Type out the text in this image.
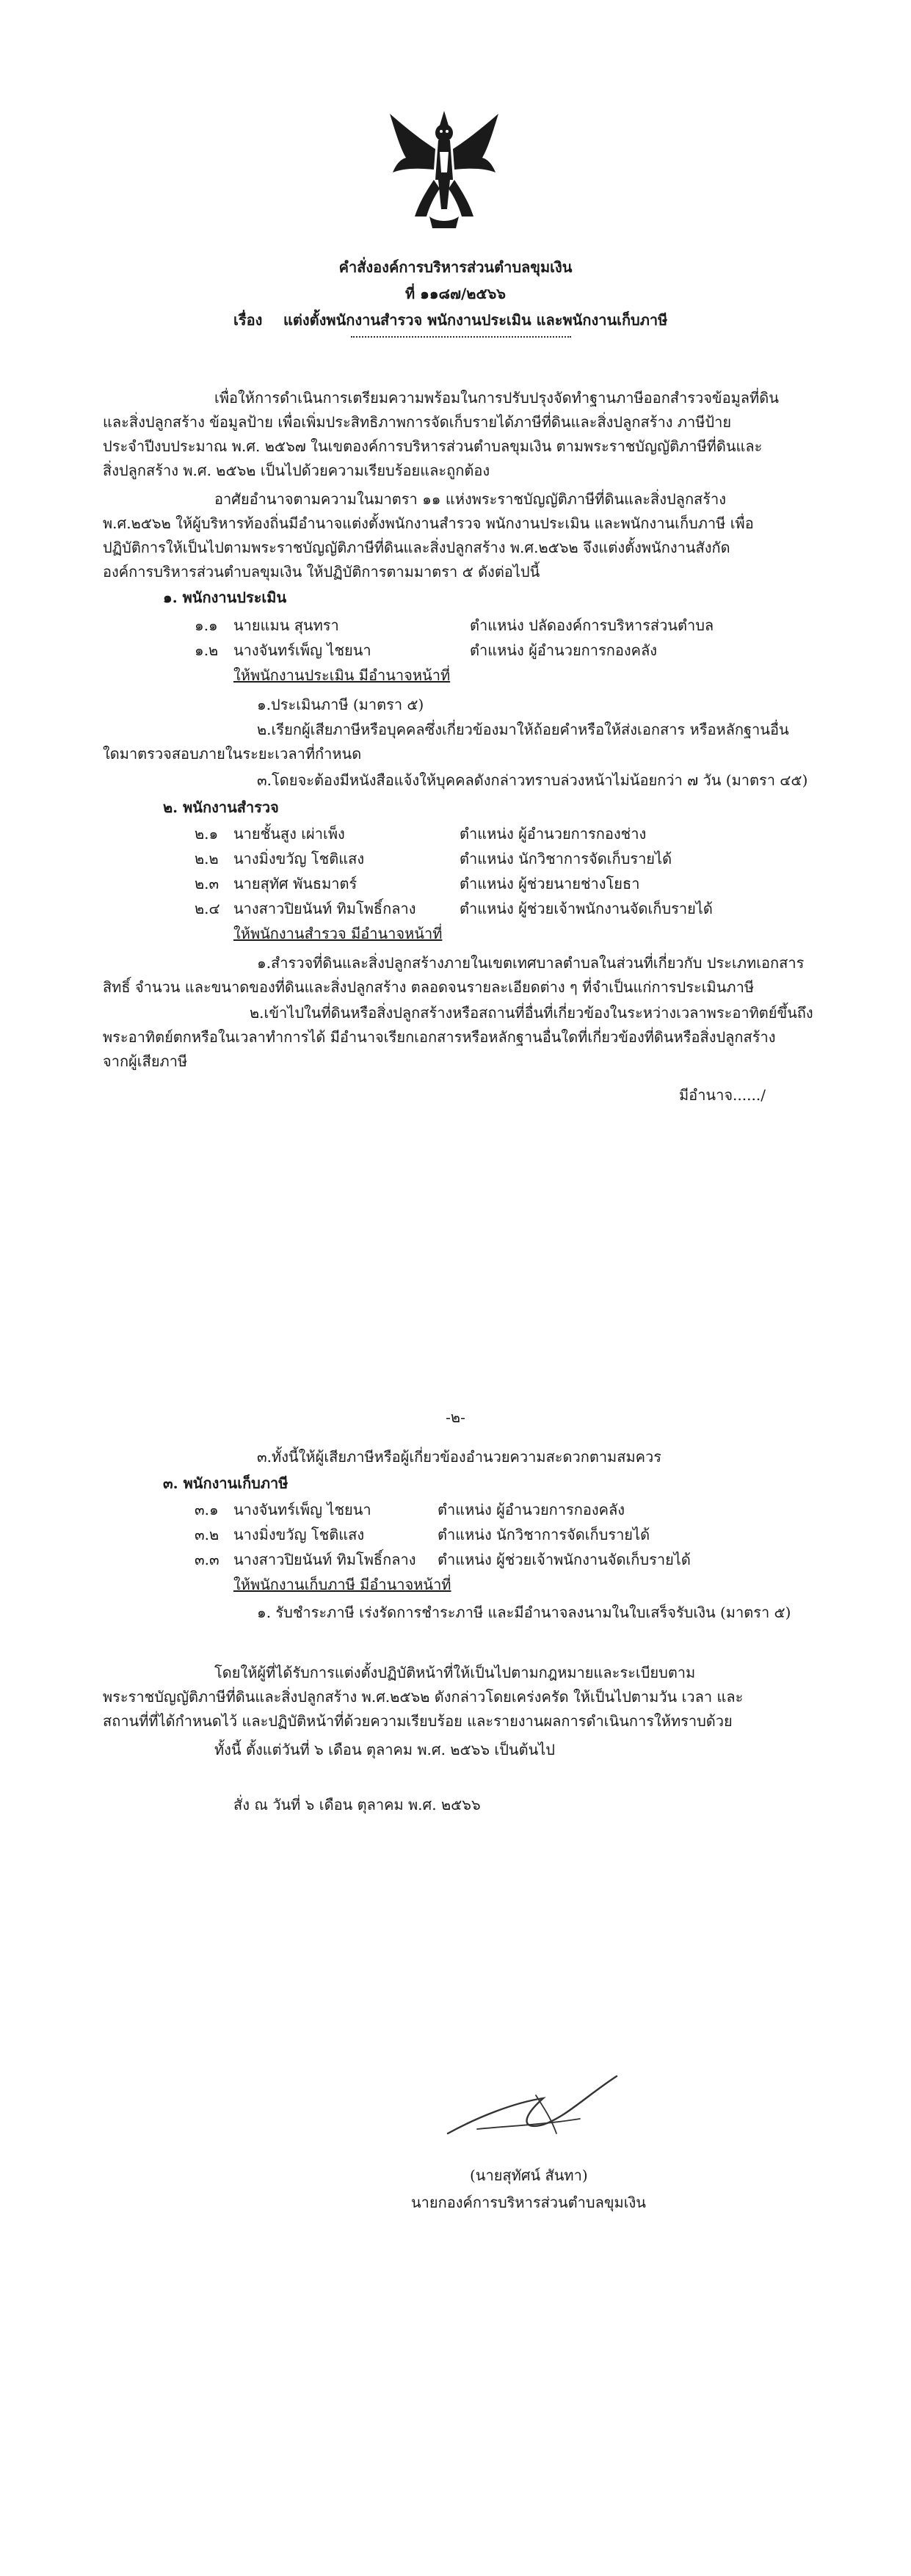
คำสั่งองค์การบริหารส่วนตำบลขุมเงิน
ที่ ๑๑๘๗/๒๕๖๖
เรื่อง แต่งตั้งพนักงานสำรวจ พนักงานประเมิน และพนักงานเก็บภาษี
เพื่อให้การดำเนินการเตรียมความพร้อมในการปรับปรุงจัดทำฐานภาษีออกสำรวจข้อมูลที่ดิน
และสิ่งปลูกสร้าง ข้อมูลป้าย เพื่อเพิ่มประสิทธิภาพการจัดเก็บรายได้ภาษีที่ดินและสิ่งปลูกสร้าง ภาษีป้าย
ประจำปีงบประมาณ พ.ศ. ๒๕๖๗ ในเขตองค์การบริหารส่วนตำบลขุมเงิน ตามพระราชบัญญัติภาษีที่ดินและ
สิ่งปลูกสร้าง พ.ศ. ๒๕๖๒ เป็นไปด้วยความเรียบร้อยและถูกต้อง
อาศัยอำนาจตามความในมาตรา ๑๑ แห่งพระราชบัญญัติภาษีที่ดินและสิ่งปลูกสร้าง
พ.ศ.๒๕๖๒ ให้ผู้บริหารท้องถิ่นมีอำนาจแต่งตั้งพนักงานสำรวจ พนักงานประเมิน และพนักงานเก็บภาษี เพื่อ
ปฏิบัติการให้เป็นไปตามพระราชบัญญัติภาษีที่ดินและสิ่งปลูกสร้าง พ.ศ.๒๕๖๒ จึงแต่งตั้งพนักงานสังกัด
องค์การบริหารส่วนตำบลขุมเงิน ให้ปฏิบัติการตามมาตรา ๕ ดังต่อไปนี้
๑. พนักงานประเมิน
๑.๑ นายแมน สุนทรา	ตำแหน่ง ปลัดองค์การบริหารส่วนตำบล
๑.๒ นางจันทร์เพ็ญ ไชยนา	ตำแหน่ง ผู้อำนวยการกองคลัง
ให้พนักงานประเมิน มีอำนาจหน้าที่
๑.ประเมินภาษี (มาตรา ๕)
๒.เรียกผู้เสียภาษีหรือบุคคลซึ่งเกี่ยวข้องมาให้ถ้อยคำหรือให้ส่งเอกสาร หรือหลักฐานอื่น
ใดมาตรวจสอบภายในระยะเวลาที่กำหนด
๓.โดยจะต้องมีหนังสือแจ้งให้บุคคลดังกล่าวทราบล่วงหน้าไม่น้อยกว่า ๗ วัน (มาตรา ๔๕)
๒. พนักงานสำรวจ
๒.๑ นายชั้นสูง เผ่าเพ็ง	ตำแหน่ง ผู้อำนวยการกองช่าง
๒.๒ นางมิ่งขวัญ โชติแสง	ตำแหน่ง นักวิชาการจัดเก็บรายได้
๒.๓ นายสุทัศ พันธมาตร์	ตำแหน่ง ผู้ช่วยนายช่างโยธา
๒.๔ นางสาวปิยนันท์ ทิมโพธิ์กลาง	ตำแหน่ง ผู้ช่วยเจ้าพนักงานจัดเก็บรายได้
ให้พนักงานสำรวจ มีอำนาจหน้าที่
๑.สำรวจที่ดินและสิ่งปลูกสร้างภายในเขตเทศบาลตำบลในส่วนที่เกี่ยวกับ ประเภทเอกสาร
สิทธิ์ จำนวน และขนาดของที่ดินและสิ่งปลูกสร้าง ตลอดจนรายละเอียดต่าง ๆ ที่จำเป็นแก่การประเมินภาษี
๒.เข้าไปในที่ดินหรือสิ่งปลูกสร้างหรือสถานที่อื่นที่เกี่ยวข้องในระหว่างเวลาพระอาทิตย์ขึ้นถึง
พระอาทิตย์ตกหรือในเวลาทำการได้ มีอำนาจเรียกเอกสารหรือหลักฐานอื่นใดที่เกี่ยวข้องที่ดินหรือสิ่งปลูกสร้าง
จากผู้เสียภาษี
มีอำนาจ....../
-๒-
๓.ทั้งนี้ให้ผู้เสียภาษีหรือผู้เกี่ยวข้องอำนวยความสะดวกตามสมควร
๓. พนักงานเก็บภาษี
๓.๑ นางจันทร์เพ็ญ ไชยนา	ตำแหน่ง ผู้อำนวยการกองคลัง
๓.๒ นางมิ่งขวัญ โชติแสง	ตำแหน่ง นักวิชาการจัดเก็บรายได้
๓.๓ นางสาวปิยนันท์ ทิมโพธิ์กลาง ตำแหน่ง ผู้ช่วยเจ้าพนักงานจัดเก็บรายได้
ให้พนักงานเก็บภาษี มีอำนาจหน้าที่
๑. รับชำระภาษี เร่งรัดการชำระภาษี และมีอำนาจลงนามในใบเสร็จรับเงิน (มาตรา ๕)
โดยให้ผู้ที่ได้รับการแต่งตั้งปฏิบัติหน้าที่ให้เป็นไปตามกฎหมายและระเบียบตาม
พระราชบัญญัติภาษีที่ดินและสิ่งปลูกสร้าง พ.ศ.๒๕๖๒ ดังกล่าวโดยเคร่งครัด ให้เป็นไปตามวัน เวลา และ
สถานที่ที่ได้กำหนดไว้ และปฏิบัติหน้าที่ด้วยความเรียบร้อย และรายงานผลการดำเนินการให้ทราบด้วย
ทั้งนี้ ตั้งแต่วันที่ ๖ เดือน ตุลาคม พ.ศ. ๒๕๖๖ เป็นต้นไป
สั่ง ณ วันที่ ๖ เดือน ตุลาคม พ.ศ. ๒๕๖๖
(นายสุทัศน์ สันทา)
นายกองค์การบริหารส่วนตำบลขุมเงิน
